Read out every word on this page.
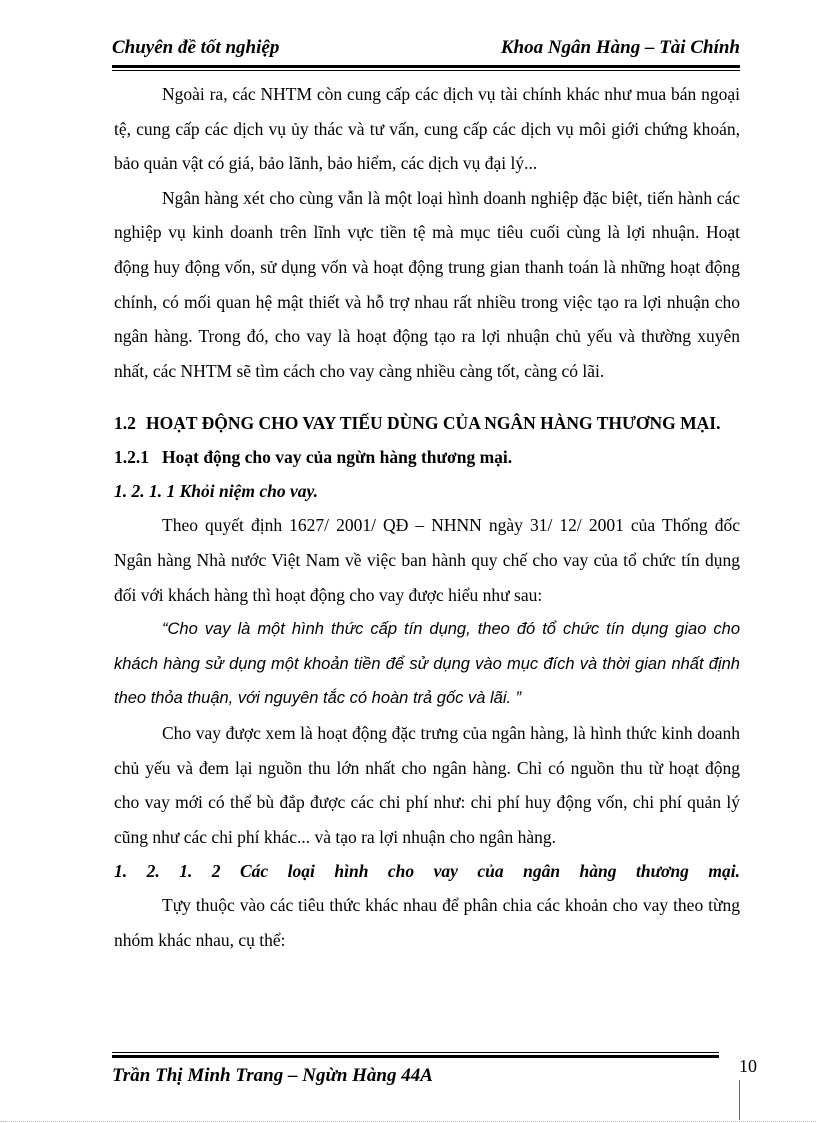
Chuyên đề tốt nghiệp	Khoa Ngân Hàng – Tài Chính

Ngoài ra, các NHTM còn cung cấp các dịch vụ tài chính khác như mua bán ngoại tệ, cung cấp các dịch vụ ủy thác và tư vấn, cung cấp các dịch vụ môi giới chứng khoán, bảo quản vật có giá, bảo lãnh, bảo hiểm, các dịch vụ đại lý...

Ngân hàng xét cho cùng vẫn là một loại hình doanh nghiệp đặc biệt, tiến hành các nghiệp vụ kinh doanh trên lĩnh vực tiền tệ mà mục tiêu cuối cùng là lợi nhuận. Hoạt động huy động vốn, sử dụng vốn và hoạt động trung gian thanh toán là những hoạt động chính, có mối quan hệ mật thiết và hỗ trợ nhau rất nhiều trong việc tạo ra lợi nhuận cho ngân hàng. Trong đó, cho vay là hoạt động tạo ra lợi nhuận chủ yếu và thường xuyên nhất, các NHTM sẽ tìm cách cho vay càng nhiều càng tốt, càng có lãi.

1.2 HOẠT ĐỘNG CHO VAY TIẾU DÙNG CỦA NGÂN HÀNG THƯƠNG MẠI.
1.2.1 Hoạt động cho vay của ngừn hàng thương mại.
1. 2. 1. 1 Khỏi niệm cho vay.

Theo quyết định 1627/ 2001/ QĐ – NHNN ngày 31/ 12/ 2001 của Thống đốc Ngân hàng Nhà nước Việt Nam về việc ban hành quy chế cho vay của tổ chức tín dụng đối với khách hàng thì hoạt động cho vay được hiểu như sau:

“Cho vay là một hình thức cấp tín dụng, theo đó tổ chức tín dụng giao cho khách hàng sử dụng một khoản tiền để sử dụng vào mục đích và thời gian nhất định theo thỏa thuận, với nguyên tắc có hoàn trả gốc và lãi. ”

Cho vay được xem là hoạt động đặc trưng của ngân hàng, là hình thức kinh doanh chủ yếu và đem lại nguồn thu lớn nhất cho ngân hàng. Chỉ có nguồn thu từ hoạt động cho vay mới có thể bù đắp được các chi phí như: chi phí huy động vốn, chi phí quản lý cũng như các chi phí khác... và tạo ra lợi nhuận cho ngân hàng.

1. 2. 1. 2 Các loại hình cho vay của ngân hàng thương mại.

Tựy thuộc vào các tiêu thức khác nhau để phân chia các khoản cho vay theo từng nhóm khác nhau, cụ thể:

Trần Thị Minh Trang – Ngừn Hàng 44A	10
